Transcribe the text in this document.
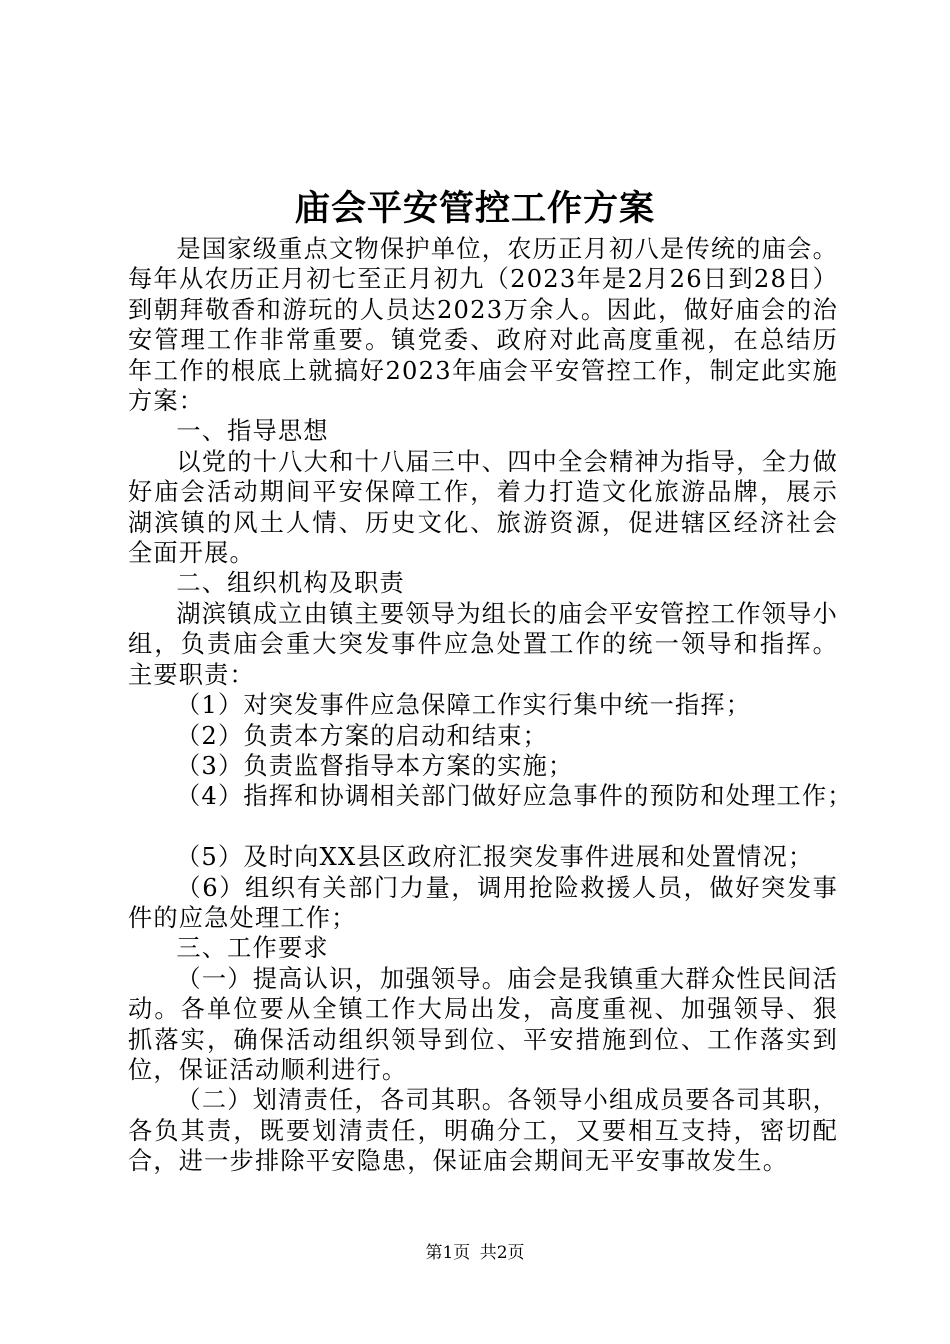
庙会平安管控工作方案

是国家级重点文物保护单位，农历正月初八是传统的庙会。每年从农历正月初七至正月初九（2023年是2月26日到28日）到朝拜敬香和游玩的人员达2023万余人。因此，做好庙会的治安管理工作非常重要。镇党委、政府对此高度重视，在总结历年工作的根底上就搞好2023年庙会平安管控工作，制定此实施方案：

一、指导思想

以党的十八大和十八届三中、四中全会精神为指导，全力做好庙会活动期间平安保障工作，着力打造文化旅游品牌，展示湖滨镇的风土人情、历史文化、旅游资源，促进辖区经济社会全面开展。

二、组织机构及职责

湖滨镇成立由镇主要领导为组长的庙会平安管控工作领导小组，负责庙会重大突发事件应急处置工作的统一领导和指挥。主要职责：

（1）对突发事件应急保障工作实行集中统一指挥；

（2）负责本方案的启动和结束；

（3）负责监督指导本方案的实施；

（4）指挥和协调相关部门做好应急事件的预防和处理工作；

（5）及时向XX县区政府汇报突发事件进展和处置情况；

（6）组织有关部门力量，调用抢险救援人员，做好突发事件的应急处理工作；

三、工作要求

（一）提高认识，加强领导。庙会是我镇重大群众性民间活动。各单位要从全镇工作大局出发，高度重视、加强领导、狠抓落实，确保活动组织领导到位、平安措施到位、工作落实到位，保证活动顺利进行。

（二）划清责任，各司其职。各领导小组成员要各司其职，各负其责，既要划清责任，明确分工，又要相互支持，密切配合，进一步排除平安隐患，保证庙会期间无平安事故发生。

第1页 共2页
